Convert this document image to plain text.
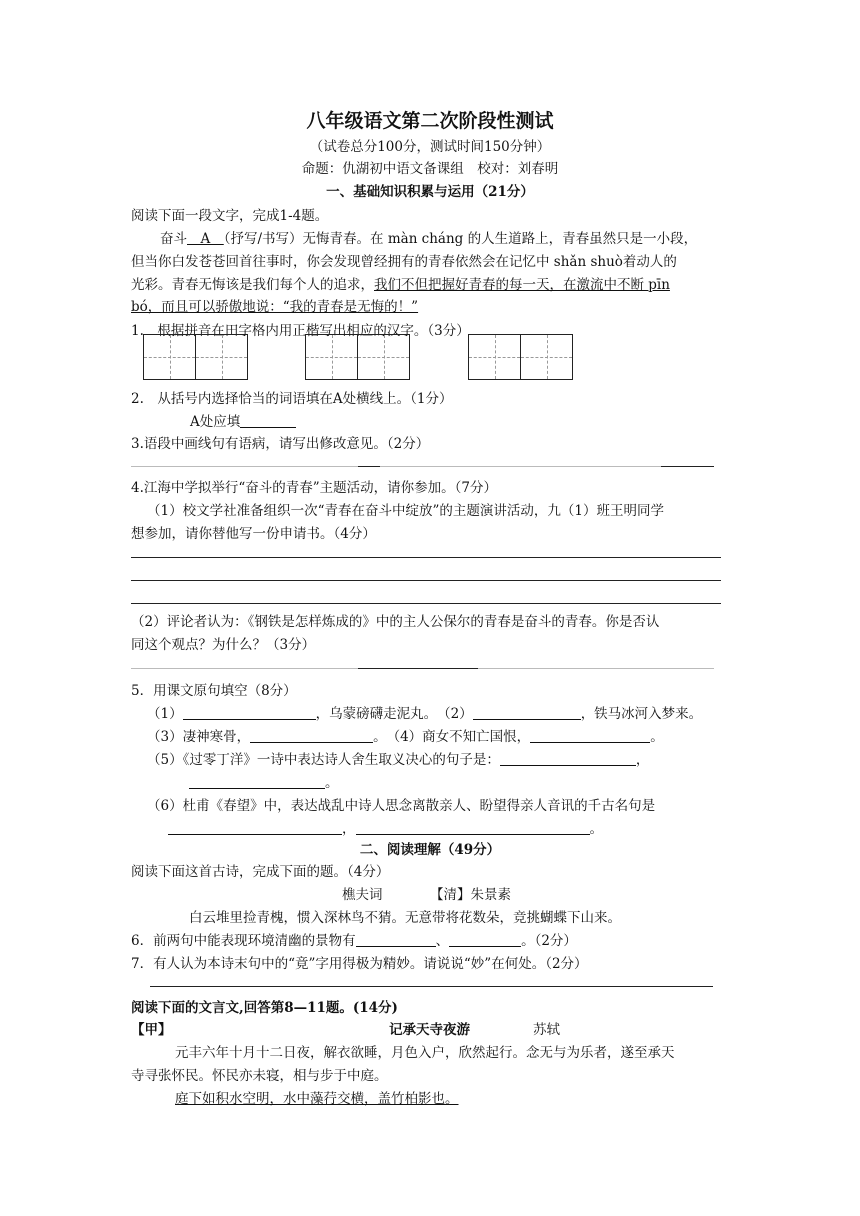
八年级语文第二次阶段性测试
（试卷总分100分，测试时间150分钟）
命题：仇湖初中语文备课组　校对：刘春明
一、基础知识积累与运用（21分）
阅读下面一段文字，完成1-4题。
奋斗　A　（抒写/书写）无悔青春。在 màn cháng 的人生道路上，青春虽然只是一小段，
但当你白发苍苍回首往事时，你会发现曾经拥有的青春依然会在记忆中 shǎn shuò着动人的
光彩。青春无悔该是我们每个人的追求，我们不但把握好青春的每一天，在激流中不断 pīn
bó，而且可以骄傲地说：“我的青春是无悔的！”
1.　根据拼音在田字格内用正楷写出相应的汉字。（3分）
2.　从括号内选择恰当的词语填在A处横线上。（1分）
A处应填
3.语段中画线句有语病，请写出修改意见。（2分）
4.江海中学拟举行“奋斗的青春”主题活动，请你参加。（7分）
（1）校文学社准备组织一次“青春在奋斗中绽放”的主题演讲活动，九（1）班王明同学
想参加，请你替他写一份申请书。（4分）
（2）评论者认为：《钢铁是怎样炼成的》中的主人公保尔的青春是奋斗的青春。你是否认
同这个观点？为什么？（3分）
5．用课文原句填空（8分）
（1）	，乌蒙磅礴走泥丸。　（2）	，铁马冰河入梦来。
（3）凄神寒骨，	。　（4）商女不知亡国恨，	。
（5）《过零丁洋》一诗中表达诗人舍生取义决心的句子是：	，
。
（6）杜甫《春望》中，表达战乱中诗人思念离散亲人、盼望得亲人音讯的千古名句是
，	。
二、阅读理解（49分）
阅读下面这首古诗，完成下面的题。（4分）
樵夫词	【清】朱景素
白云堆里捡青槐，惯入深林鸟不猜。无意带将花数朵，竞挑蝴蝶下山来。
6．前两句中能表现环境清幽的景物有	、	。（2分）
7．有人认为本诗末句中的“竟”字用得极为精妙。请说说“妙”在何处。（2分）
阅读下面的文言文,回答第8—11题。(14分)
【甲】	记承天寺夜游	苏轼
元丰六年十月十二日夜，解衣欲睡，月色入户，欣然起行。念无与为乐者，遂至承天
寺寻张怀民。怀民亦未寝，相与步于中庭。
庭下如积水空明，水中藻荇交横，盖竹柏影也。
